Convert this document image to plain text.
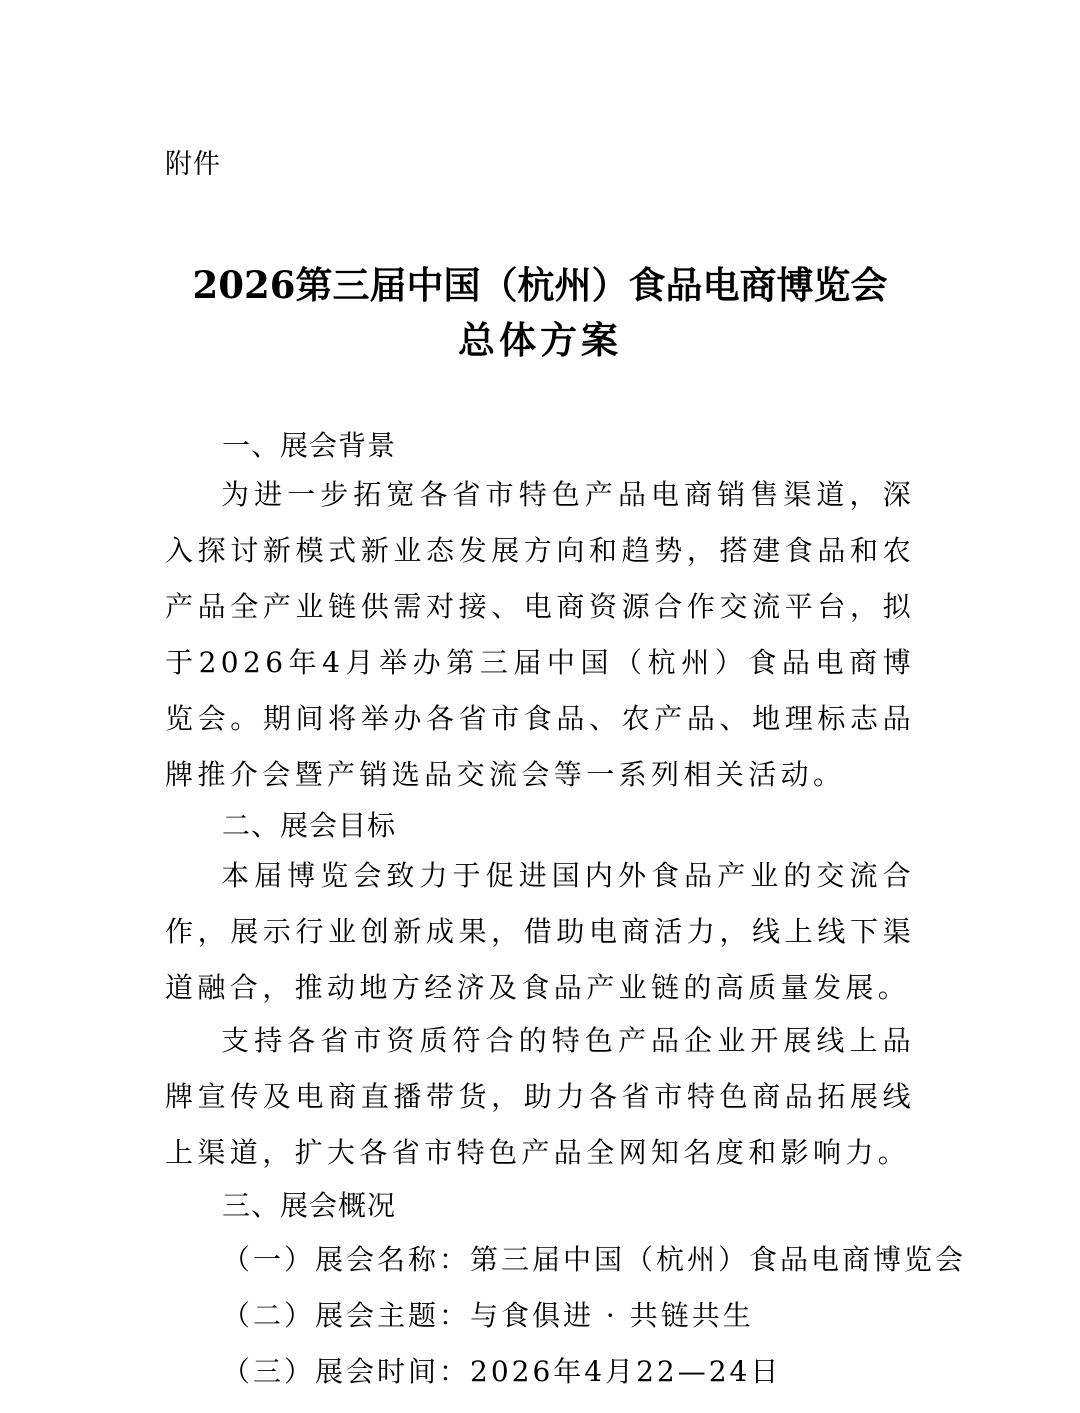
附件
2026第三届中国（杭州）食品电商博览会
总体方案
一、展会背景

为进一步拓宽各省市特色产品电商销售渠道，深入探讨新模式新业态发展方向和趋势，搭建食品和农产品全产业链供需对接、电商资源合作交流平台，拟于2026年4月举办第三届中国（杭州）食品电商博览会。期间将举办各省市食品、农产品、地理标志品牌推介会暨产销选品交流会等一系列相关活动。

二、展会目标

本届博览会致力于促进国内外食品产业的交流合作，展示行业创新成果，借助电商活力，线上线下渠道融合，推动地方经济及食品产业链的高质量发展。

支持各省市资质符合的特色产品企业开展线上品牌宣传及电商直播带货，助力各省市特色商品拓展线上渠道，扩大各省市特色产品全网知名度和影响力。

三、展会概况
（一）展会名称：第三届中国（杭州）食品电商博览会
（二）展会主题：与食俱进 · 共链共生
（三）展会时间：2026年4月22—24日
